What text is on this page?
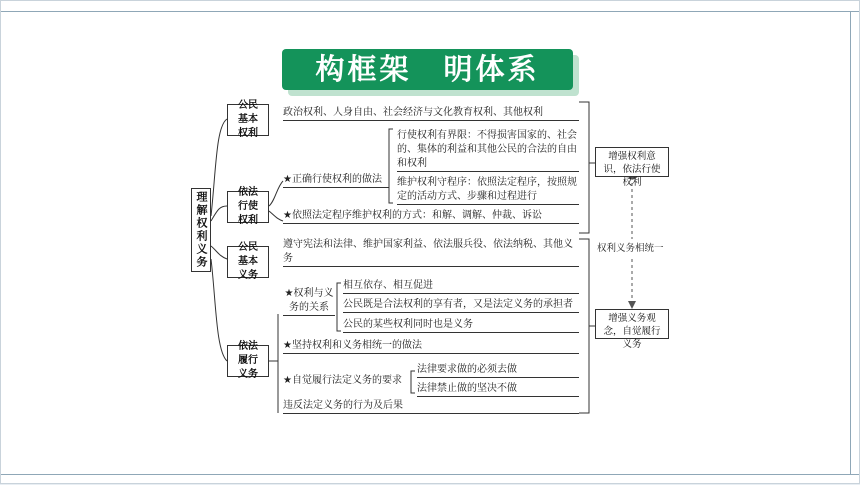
构框架　明体系
理解权利义务
公民基本权利
政治权利、人身自由、社会经济与文化教育权利、其他权利
依法行使权利
★正确行使权利的做法
行使权利有界限：不得损害国家的、社会的、集体的利益和其他公民的合法的自由和权利
维护权利守程序：依照法定程序，按照规定的活动方式、步骤和过程进行
★依照法定程序维护权利的方式：和解、调解、仲裁、诉讼
公民基本义务
遵守宪法和法律、维护国家利益、依法服兵役、依法纳税、其他义务
依法履行义务
★权利与义务的关系
相互依存、相互促进
公民既是合法权利的享有者，又是法定义务的承担者
公民的某些权利同时也是义务
★坚持权利和义务相统一的做法
★自觉履行法定义务的要求
法律要求做的必须去做
法律禁止做的坚决不做
违反法定义务的行为及后果
增强权利意识，依法行使权利
权利义务相统一
增强义务观念，自觉履行义务
